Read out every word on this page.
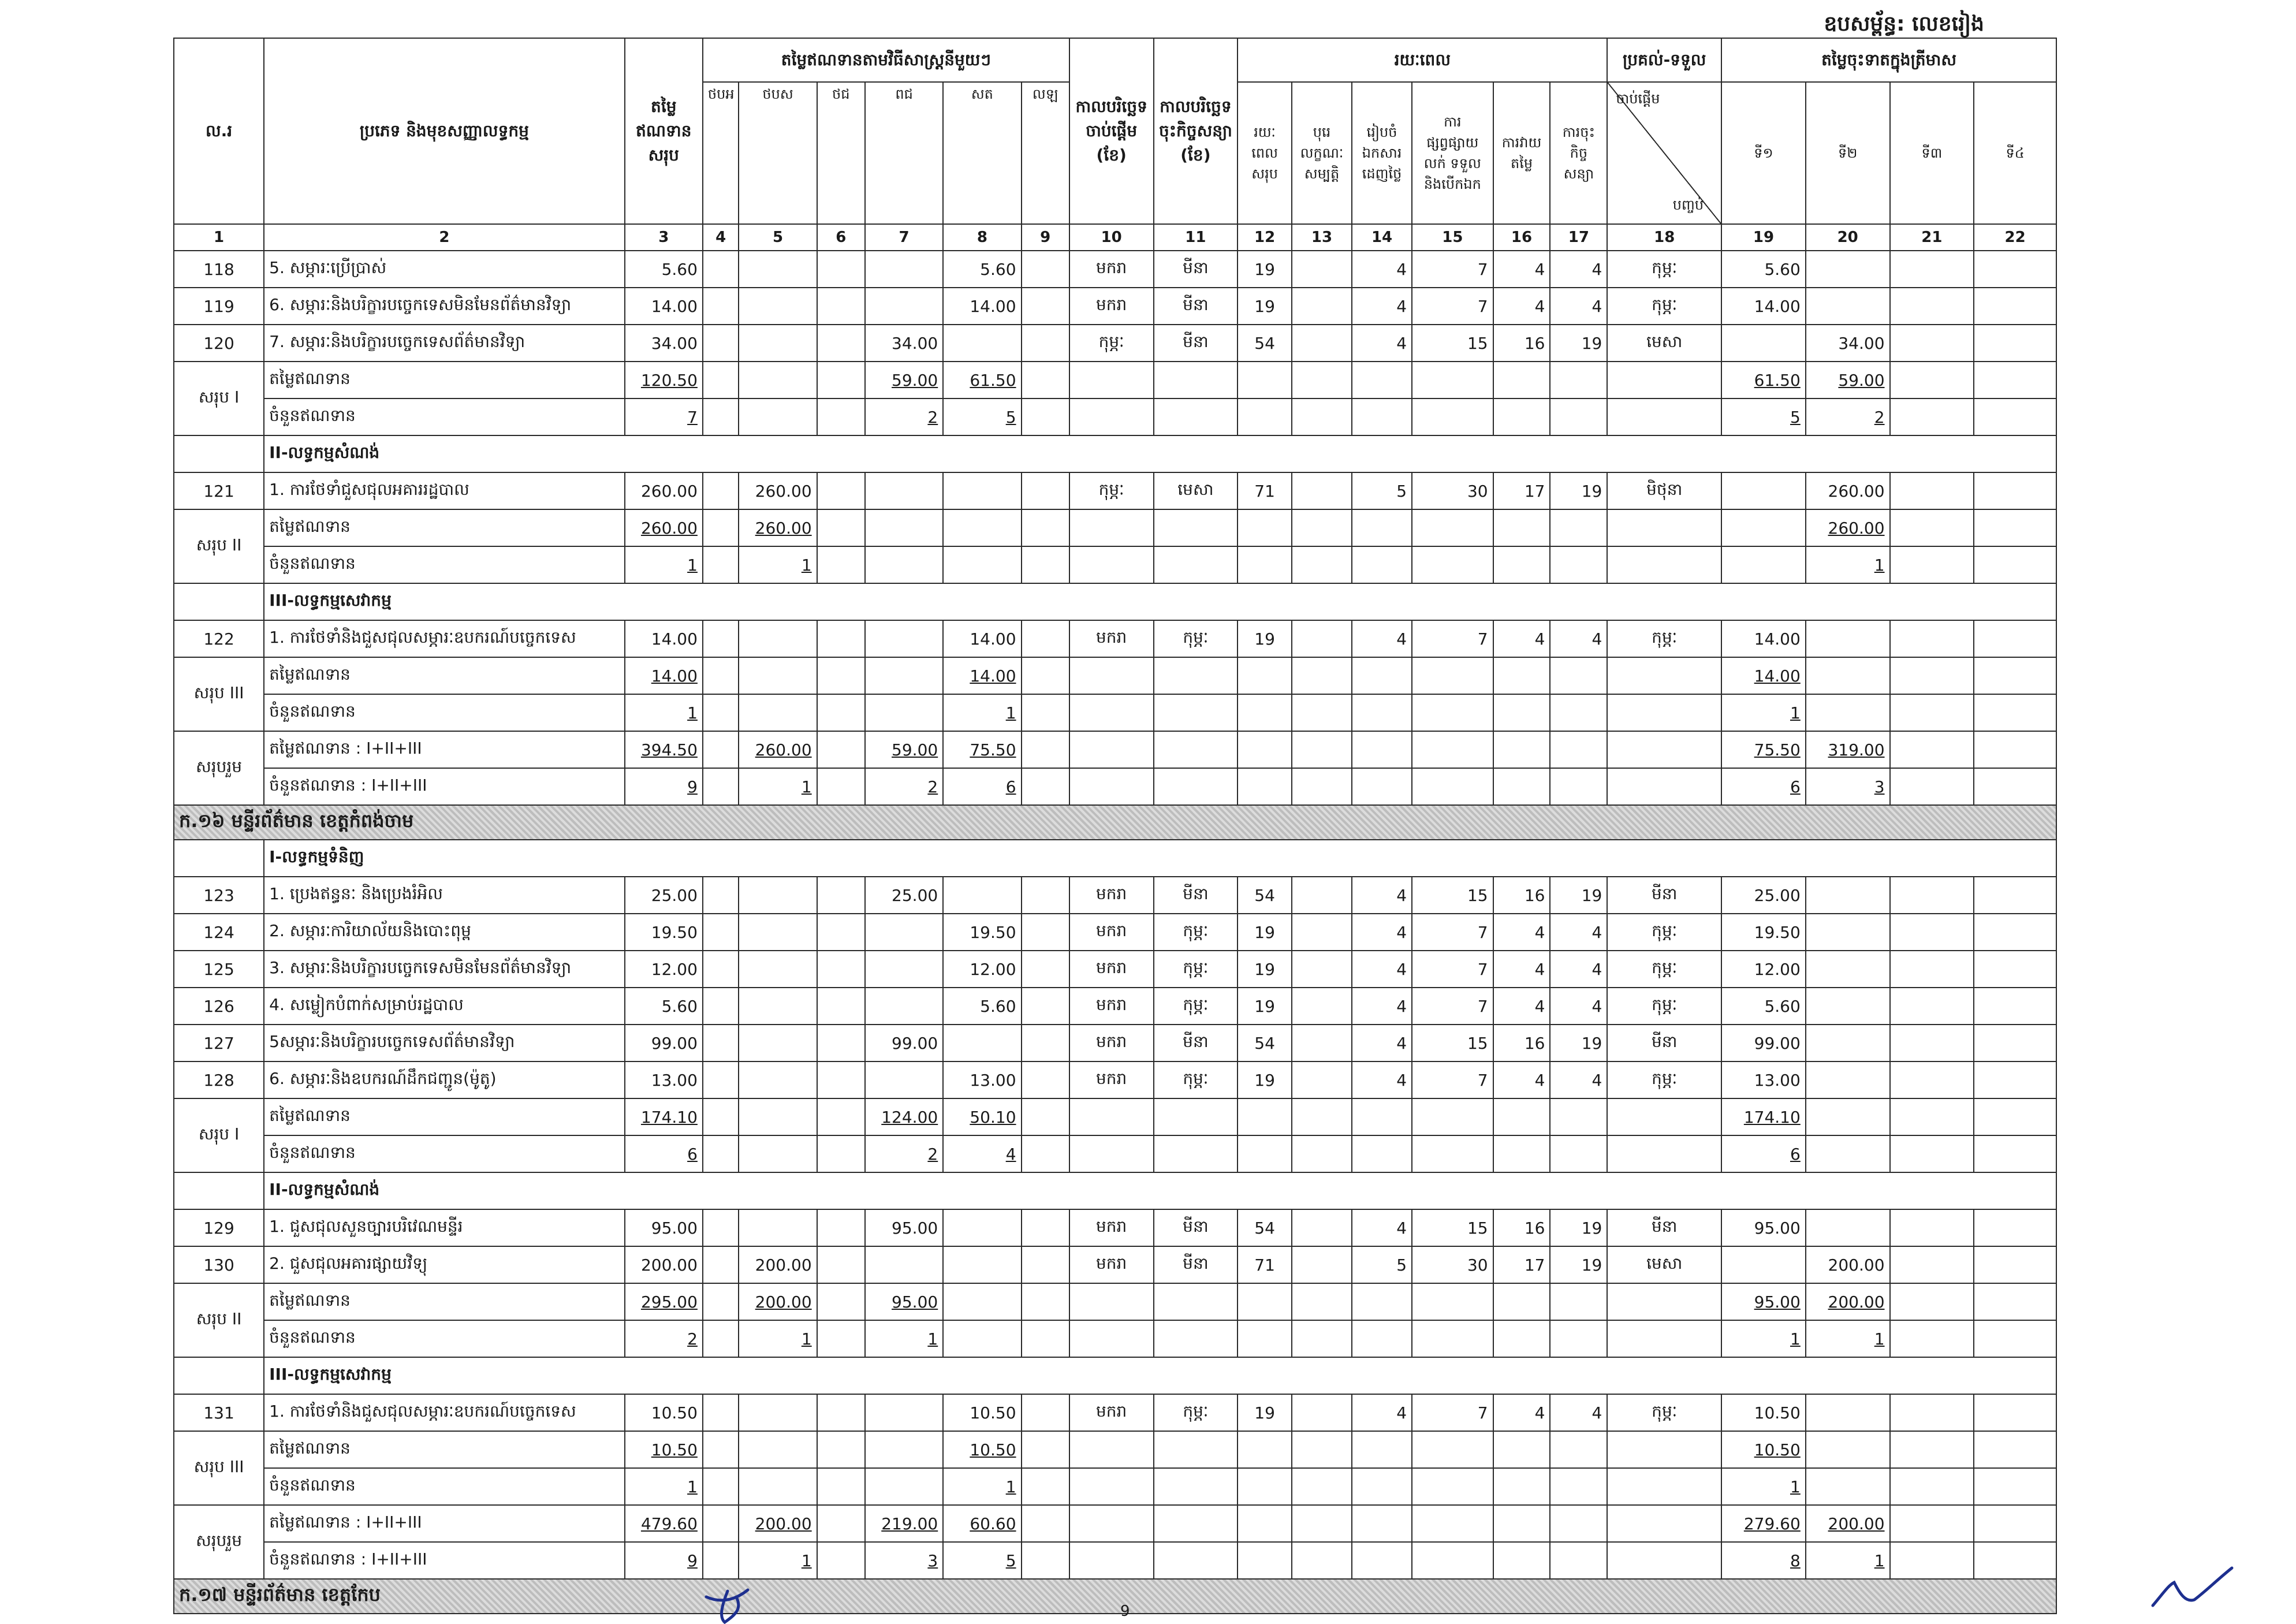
ឧបសម្ព័ន្ធ: លេខរៀង
ល.រ	ប្រភេទ និងមុខសញ្ញាលទ្ធកម្ម	តម្លៃ ឥណទាន សរុប	តម្លៃឥណទានតាមវិធីសាស្ត្រនីមួយៗ						កាលបរិច្ឆេទ ចាប់ផ្តើម (ខែ)	កាលបរិច្ឆេទ ចុះកិច្ចសន្យា (ខែ)	រយៈពេល						ប្រគល់-ទទួល	តម្លៃចុះទាតក្នុងត្រីមាស			
			ថបអ	ថបស	ថជ	ពជ	សត	លឡ			រយៈ ពេល សរុប	បុរេ លក្ខណៈ សម្បត្តិ	រៀបចំ ឯកសារ ដេញថ្លៃ	ការ ផ្សព្វផ្សាយ លក់ ទទួល និងបើកឯក	ការវាយ តម្លៃ	ការចុះ កិច្ចសន្យា	ចាប់ផ្តើម
បញ្ចប់	ទី១	ទី២	ទី៣	ទី៤
1	2	3	4	5	6	7	8	9	10	11	12	13	14	15	16	17	18	19	20	21	22
118	5. សម្ភារៈប្រើប្រាស់	5.60					5.60		មករា	មីនា	19		4	7	4	4	កុម្ភៈ	5.60			
119	6. សម្ភារៈនិងបរិក្ខារបច្ចេកទេសមិនមែនព័ត៌មានវិទ្យា	14.00					14.00		មករា	មីនា	19		4	7	4	4	កុម្ភៈ	14.00			
120	7. សម្ភារៈនិងបរិក្ខារបច្ចេកទេសព័ត៌មានវិទ្យា	34.00				34.00			កុម្ភៈ	មីនា	54		4	15	16	19	មេសា		34.00		
សរុប I	តម្លៃឥណទាន	120.50				59.00	61.50											61.50	59.00		
	ចំនួនឥណទាន	7				2	5											5	2		
	II-លទ្ធកម្មសំណង់																				
121	1. ការថែទាំជួសជុលអគាររដ្ឋបាល	260.00		260.00					កុម្ភៈ	មេសា	71		5	30	17	19	មិថុនា		260.00		
សរុប II	តម្លៃឥណទាន	260.00		260.00															260.00		
	ចំនួនឥណទាន	1		1															1		
	III-លទ្ធកម្មសេវាកម្ម																				
122	1. ការថែទាំនិងជួសជុលសម្ភារៈឧបករណ៍បច្ចេកទេស	14.00					14.00		មករា	កុម្ភៈ	19		4	7	4	4	កុម្ភៈ	14.00			
សរុប III	តម្លៃឥណទាន	14.00					14.00											14.00			
	ចំនួនឥណទាន	1					1											1			
សរុបរួម	តម្លៃឥណទាន : I+II+III	394.50		260.00		59.00	75.50											75.50	319.00		
	ចំនួនឥណទាន : I+II+III	9		1		2	6											6	3		
ក.១៦ មន្ទីរព័ត៌មាន ខេត្តកំពង់ចាម																					
	I-លទ្ធកម្មទំនិញ																				
123	1. ប្រេងឥន្ធនៈ និងប្រេងរំអិល	25.00				25.00			មករា	មីនា	54		4	15	16	19	មីនា	25.00			
124	2. សម្ភារៈការិយាល័យនិងបោះពុម្ព	19.50					19.50		មករា	កុម្ភៈ	19		4	7	4	4	កុម្ភៈ	19.50			
125	3. សម្ភារៈនិងបរិក្ខារបច្ចេកទេសមិនមែនព័ត៌មានវិទ្យា	12.00					12.00		មករា	កុម្ភៈ	19		4	7	4	4	កុម្ភៈ	12.00			
126	4. សម្លៀកបំពាក់សម្រាប់រដ្ឋបាល	5.60					5.60		មករា	កុម្ភៈ	19		4	7	4	4	កុម្ភៈ	5.60			
127	5សម្ភារៈនិងបរិក្ខារបច្ចេកទេសព័ត៌មានវិទ្យា	99.00				99.00			មករា	មីនា	54		4	15	16	19	មីនា	99.00			
128	6. សម្ភារៈនិងឧបករណ៍ដឹកជញ្ជូន(ម៉ូតូ)	13.00					13.00		មករា	កុម្ភៈ	19		4	7	4	4	កុម្ភៈ	13.00			
សរុប I	តម្លៃឥណទាន	174.10				124.00	50.10											174.10			
	ចំនួនឥណទាន	6				2	4											6			
	II-លទ្ធកម្មសំណង់																				
129	1. ជួសជុលសួនច្បារបរិវេណមន្ទីរ	95.00				95.00			មករា	មីនា	54		4	15	16	19	មីនា	95.00			
130	2. ជួសជុលអគារផ្សាយវិទ្យុ	200.00		200.00					មករា	មីនា	71		5	30	17	19	មេសា		200.00		
សរុប II	តម្លៃឥណទាន	295.00		200.00		95.00												95.00	200.00		
	ចំនួនឥណទាន	2		1		1												1	1		
	III-លទ្ធកម្មសេវាកម្ម																				
131	1. ការថែទាំនិងជួសជុលសម្ភារៈឧបករណ៍បច្ចេកទេស	10.50					10.50		មករា	កុម្ភៈ	19		4	7	4	4	កុម្ភៈ	10.50			
សរុប III	តម្លៃឥណទាន	10.50					10.50											10.50			
	ចំនួនឥណទាន	1					1											1			
សរុបរួម	តម្លៃឥណទាន : I+II+III	479.60		200.00		219.00	60.60											279.60	200.00		
	ចំនួនឥណទាន : I+II+III	9		1		3	5											8	1		
ក.១៧ មន្ទីរព័ត៌មាន ខេត្តកែប																					
9
